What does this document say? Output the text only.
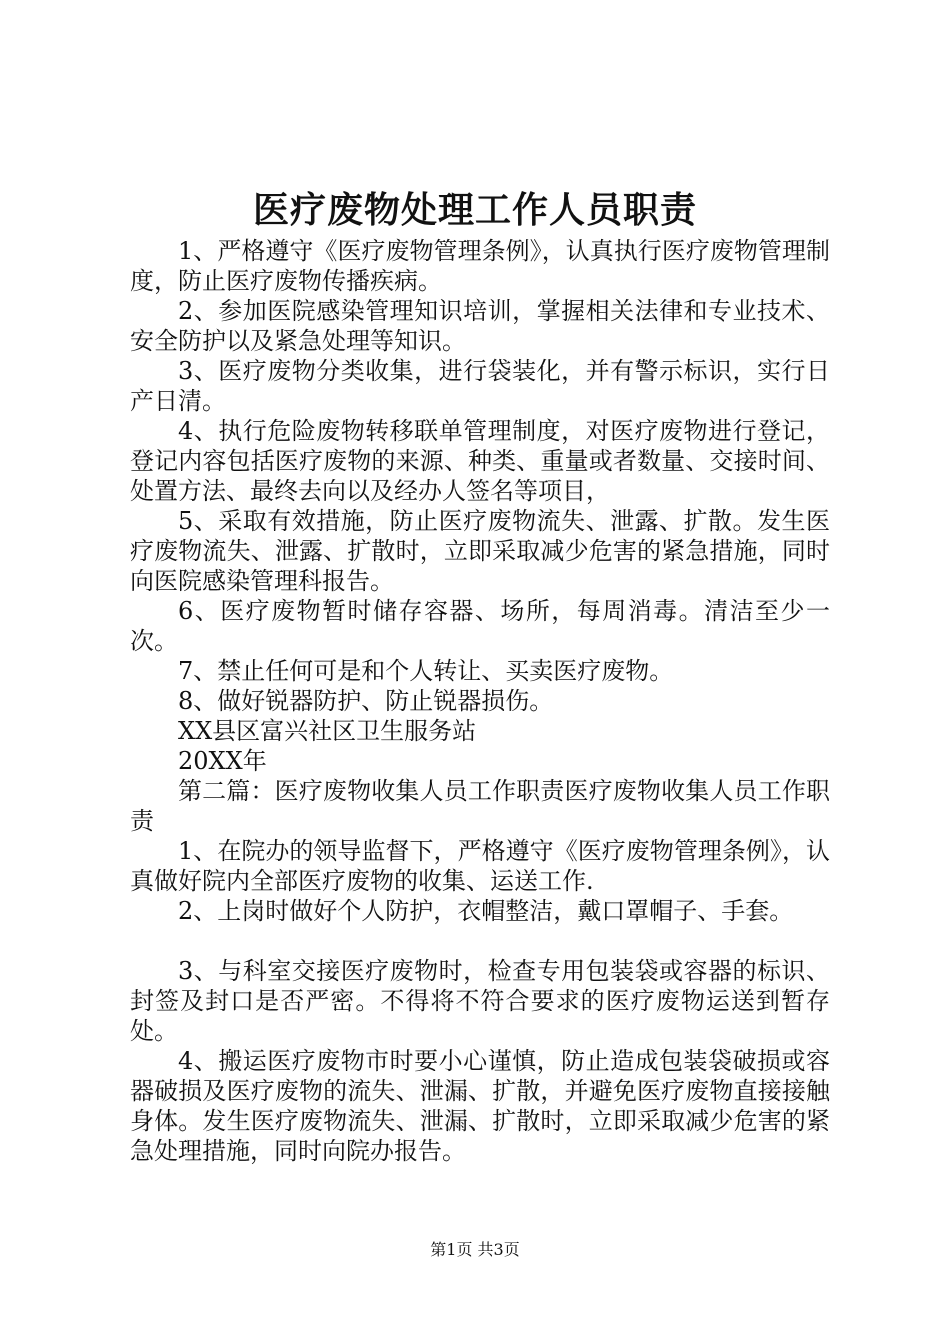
医疗废物处理工作人员职责

1、严格遵守《医疗废物管理条例》，认真执行医疗废物管理制度，防止医疗废物传播疾病。

2、参加医院感染管理知识培训，掌握相关法律和专业技术、安全防护以及紧急处理等知识。

3、医疗废物分类收集，进行袋装化，并有警示标识，实行日产日清。

4、执行危险废物转移联单管理制度，对医疗废物进行登记，登记内容包括医疗废物的来源、种类、重量或者数量、交接时间、处置方法、最终去向以及经办人签名等项目，

5、采取有效措施，防止医疗废物流失、泄露、扩散。发生医疗废物流失、泄露、扩散时，立即采取减少危害的紧急措施，同时向医院感染管理科报告。

6、医疗废物暂时储存容器、场所，每周消毒。清洁至少一次。

7、禁止任何可是和个人转让、买卖医疗废物。

8、做好锐器防护、防止锐器损伤。

XX县区富兴社区卫生服务站

20XX年

第二篇：医疗废物收集人员工作职责医疗废物收集人员工作职责

1、在院办的领导监督下，严格遵守《医疗废物管理条例》，认真做好院内全部医疗废物的收集、运送工作.

2、上岗时做好个人防护，衣帽整洁，戴口罩帽子、手套。

3、与科室交接医疗废物时，检查专用包装袋或容器的标识、封签及封口是否严密。不得将不符合要求的医疗废物运送到暂存处。

4、搬运医疗废物市时要小心谨慎，防止造成包装袋破损或容器破损及医疗废物的流失、泄漏、扩散，并避免医疗废物直接接触身体。发生医疗废物流失、泄漏、扩散时，立即采取减少危害的紧急处理措施，同时向院办报告。

第1页 共3页
